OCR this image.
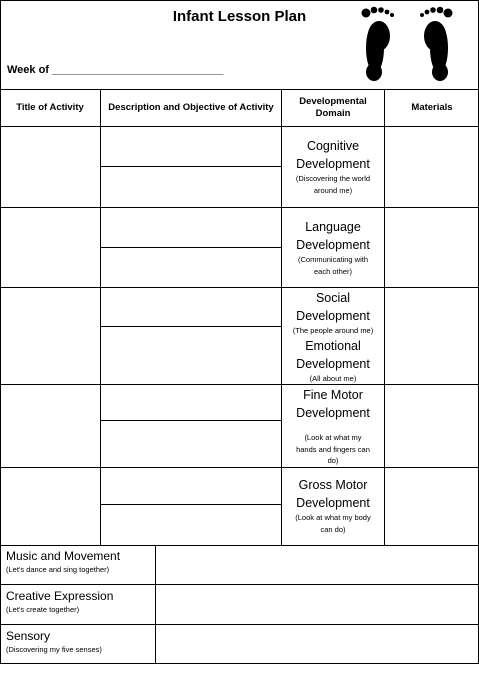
Infant Lesson Plan
Week of ____________________________
Title of Activity	Description and Objective of Activity
Developmental Domain
Materials
Cognitive Development
(Discovering the world around me)
Language Development
(Communicating with each other)
Social Development
(The people around me)
Emotional Development
(All about me)
Fine Motor Development
(Look at what my hands and fingers can do)
Gross Motor Development
(Look at what my body can do)
Music and Movement
(Let's dance and sing together)
Creative Expression
(Let's create together)
Sensory
(Discovering my five senses)
